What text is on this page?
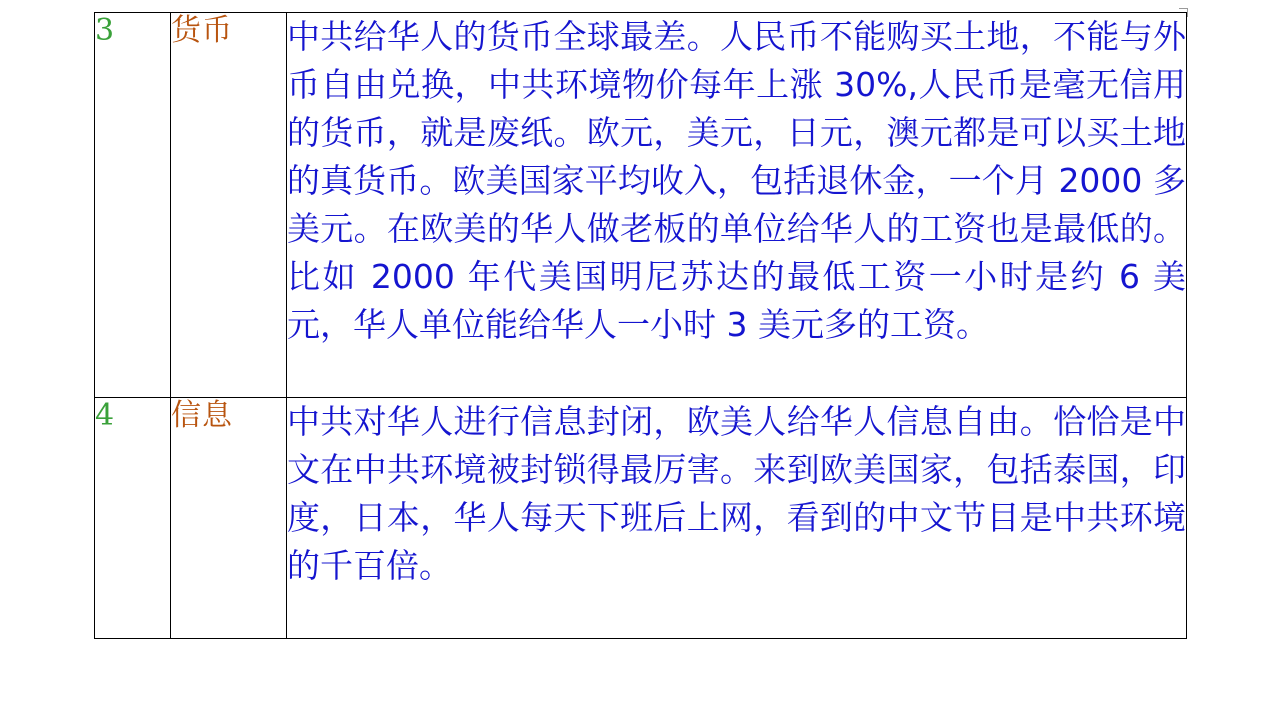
3	货币	中共给华人的货币全球最差。人民币不能购买土地，不能与外币自由兑换，中共环境物价每年上涨 30%,人民币是毫无信用的货币，就是废纸。欧元，美元，日元，澳元都是可以买土地的真货币。欧美国家平均收入，包括退休金，一个月 2000 多美元。在欧美的华人做老板的单位给华人的工资也是最低的。比如 2000 年代美国明尼苏达的最低工资一小时是约 6 美元，华人单位能给华人一小时 3 美元多的工资。
4	信息	中共对华人进行信息封闭，欧美人给华人信息自由。恰恰是中文在中共环境被封锁得最厉害。来到欧美国家，包括泰国，印度，日本，华人每天下班后上网，看到的中文节目是中共环境的千百倍。
